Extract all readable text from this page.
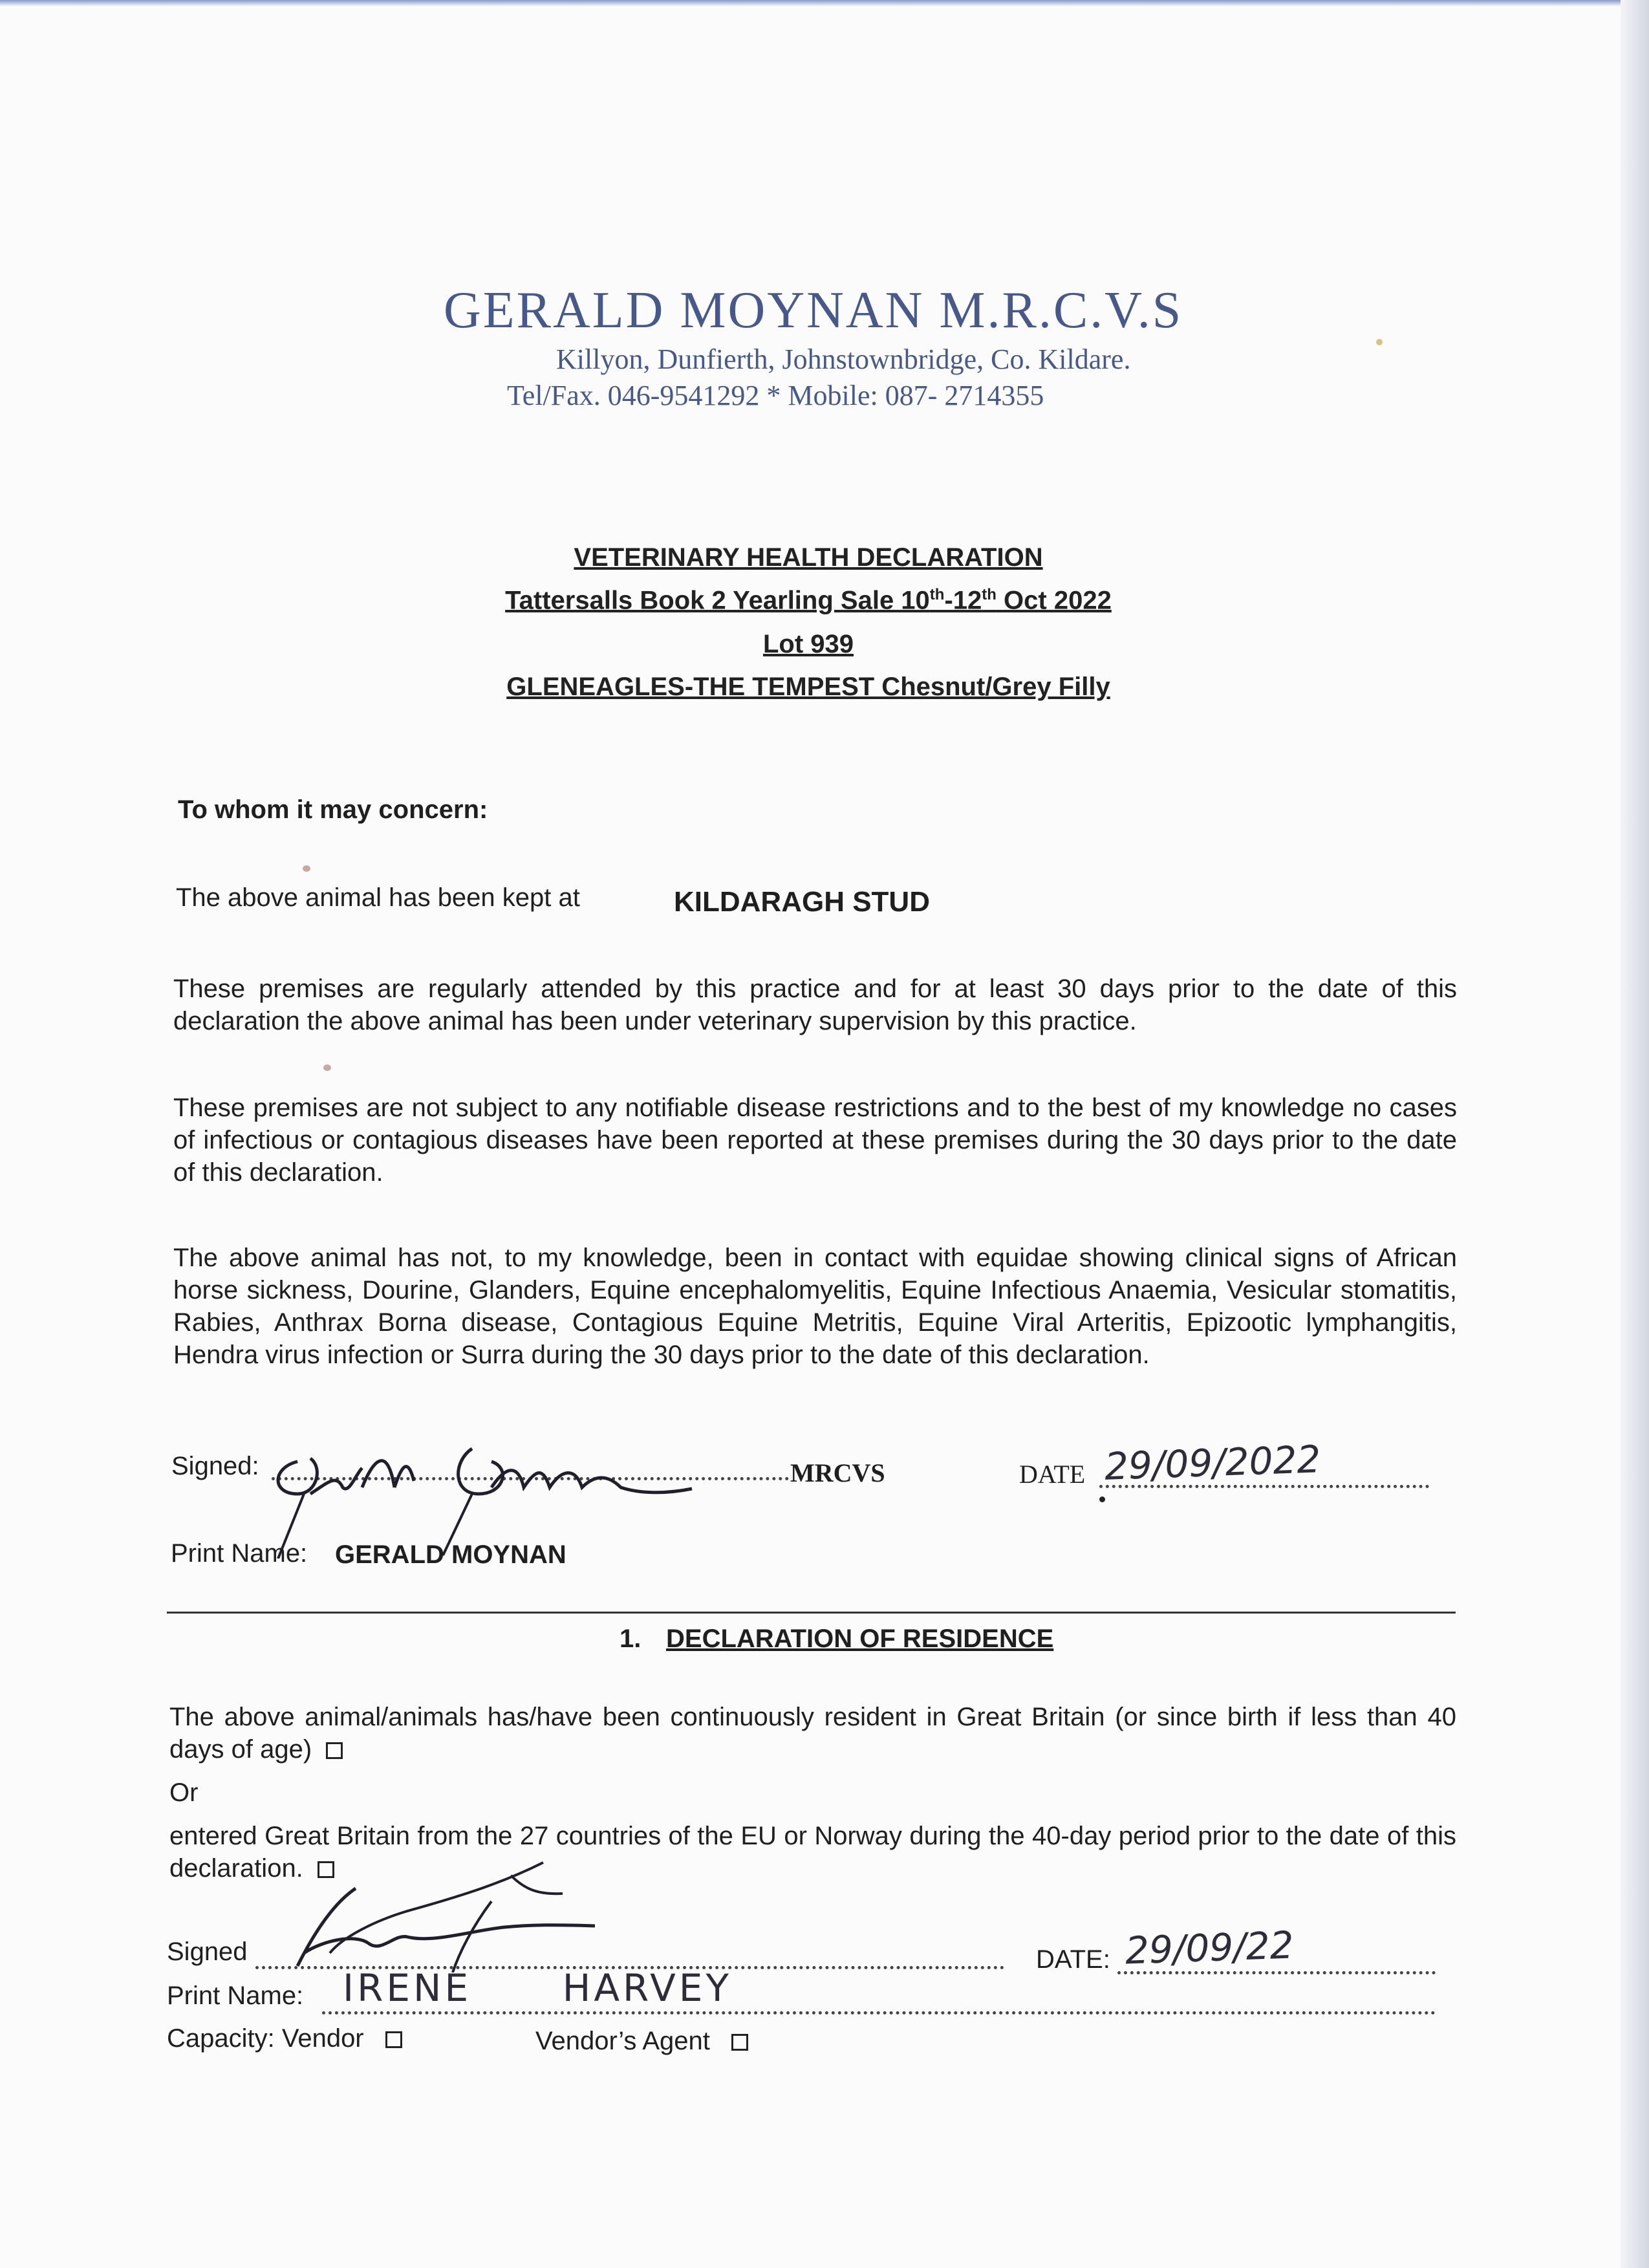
GERALD MOYNAN M.R.C.V.S
Killyon, Dunfierth, Johnstownbridge, Co. Kildare.
Tel/Fax. 046-9541292 * Mobile: 087- 2714355
VETERINARY HEALTH DECLARATION
Tattersalls Book 2 Yearling Sale 10th-12th Oct 2022
Lot 939
GLENEAGLES-THE TEMPEST Chesnut/Grey Filly
To whom it may concern:
The above animal has been kept at	KILDARAGH STUD
These premises are regularly attended by this practice and for at least 30 days prior to the date of this declaration the above animal has been under veterinary supervision by this practice.
These premises are not subject to any notifiable disease restrictions and to the best of my knowledge no cases of infectious or contagious diseases have been reported at these premises during the 30 days prior to the date of this declaration.
The above animal has not, to my knowledge, been in contact with equidae showing clinical signs of African horse sickness, Dourine, Glanders, Equine encephalomyelitis, Equine Infectious Anaemia, Vesicular stomatitis, Rabies, Anthrax Borna disease, Contagious Equine Metritis, Equine Viral Arteritis, Epizootic lymphangitis, Hendra virus infection or Surra during the 30 days prior to the date of this declaration.
Signed:	MRCVS	DATE 29/09/2022
Print Name: GERALD MOYNAN
1. DECLARATION OF RESIDENCE
The above animal/animals has/have been continuously resident in Great Britain (or since birth if less than 40 days of age)
Or
entered Great Britain from the 27 countries of the EU or Norway during the 40-day period prior to the date of this declaration.
Signed	DATE: 29/09/22
Print Name: IRENE      HARVEY
Capacity: Vendor	Vendor’s Agent
